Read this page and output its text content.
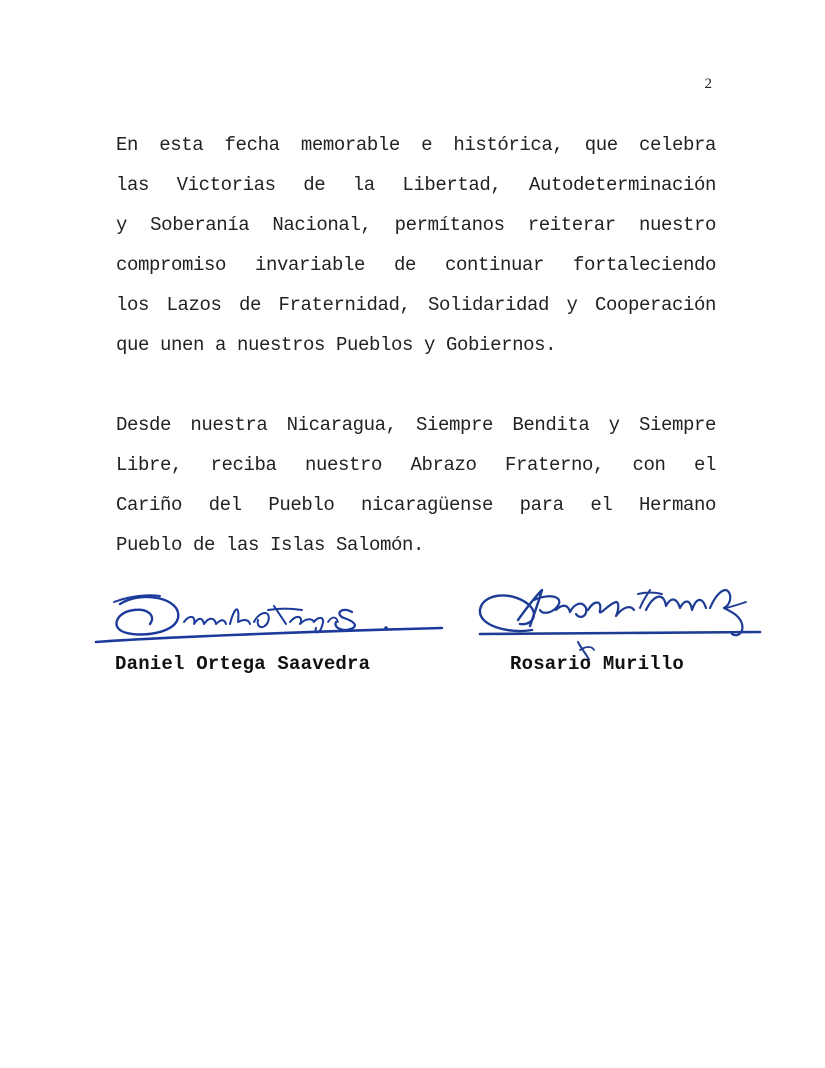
2
En esta fecha memorable e histórica, que celebra
las Victorias de la Libertad, Autodeterminación
y Soberanía Nacional, permítanos reiterar nuestro
compromiso invariable de continuar fortaleciendo
los Lazos de Fraternidad, Solidaridad y Cooperación
que unen a nuestros Pueblos y Gobiernos.
Desde nuestra Nicaragua, Siempre Bendita y Siempre
Libre, reciba nuestro Abrazo Fraterno, con el
Cariño del Pueblo nicaragüense para el Hermano
Pueblo de las Islas Salomón.
Daniel Ortega Saavedra	Rosario Murillo
